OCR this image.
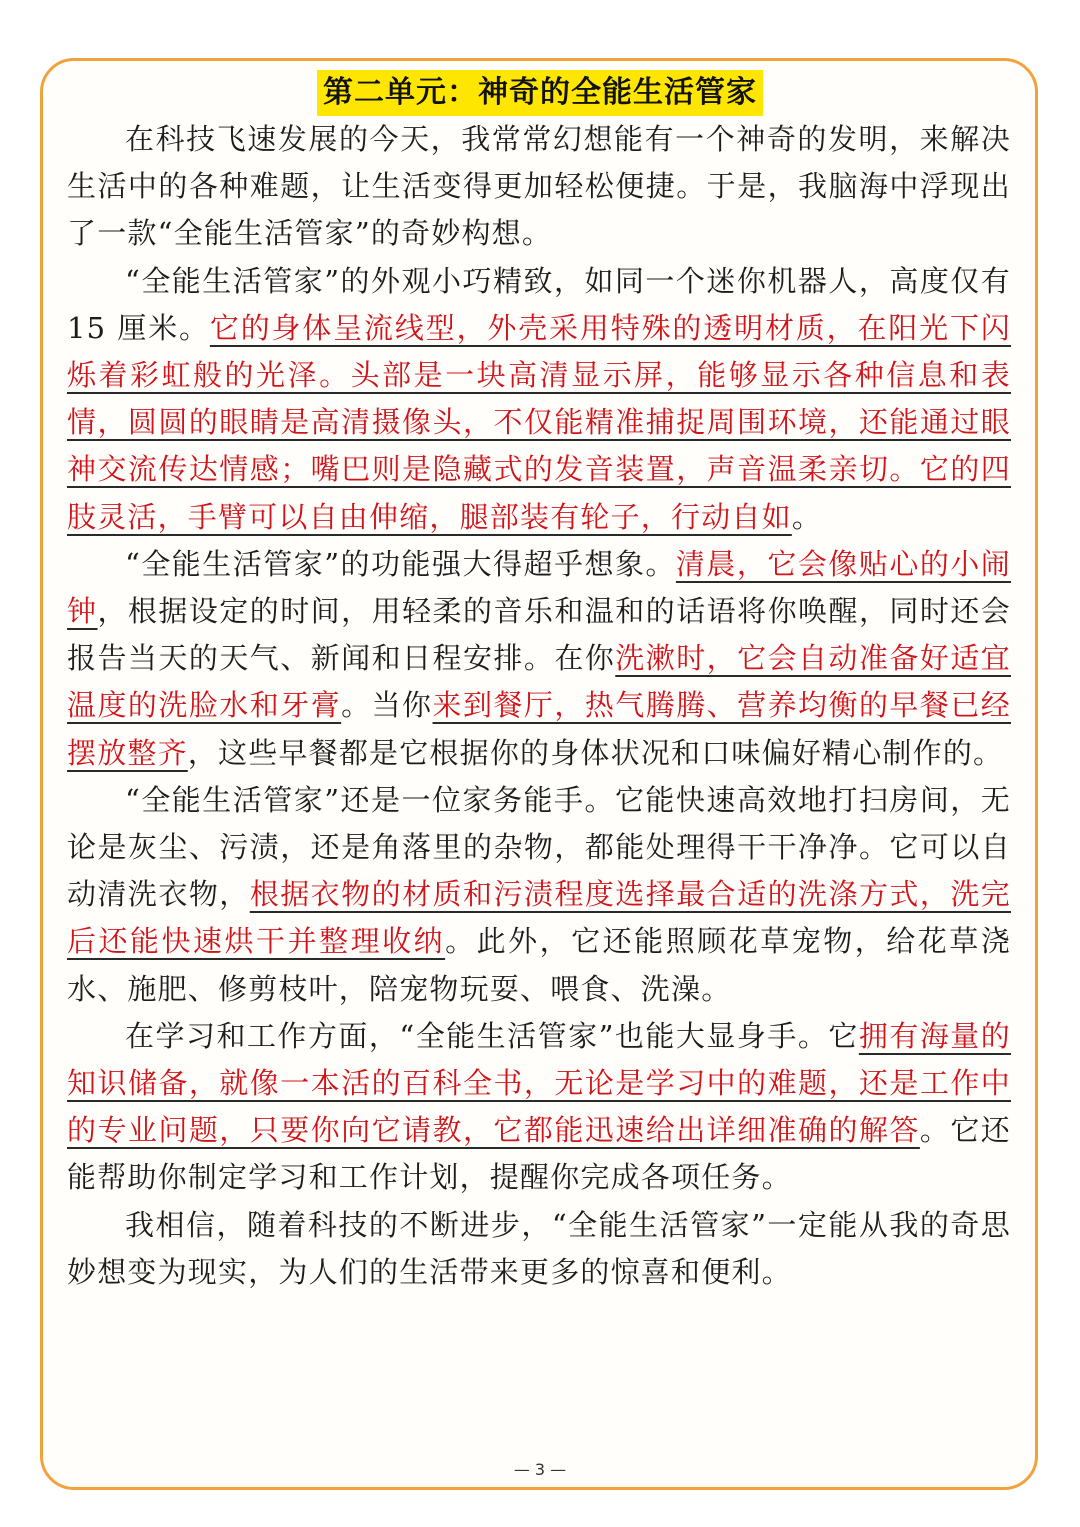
第二单元：神奇的全能生活管家

在科技飞速发展的今天，我常常幻想能有一个神奇的发明，来解决生活中的各种难题，让生活变得更加轻松便捷。于是，我脑海中浮现出了一款“全能生活管家”的奇妙构想。

“全能生活管家”的外观小巧精致，如同一个迷你机器人，高度仅有 15 厘米。它的身体呈流线型，外壳采用特殊的透明材质，在阳光下闪烁着彩虹般的光泽。头部是一块高清显示屏，能够显示各种信息和表情，圆圆的眼睛是高清摄像头，不仅能精准捕捉周围环境，还能通过眼神交流传达情感；嘴巴则是隐藏式的发音装置，声音温柔亲切。它的四肢灵活，手臂可以自由伸缩，腿部装有轮子，行动自如。

“全能生活管家”的功能强大得超乎想象。清晨，它会像贴心的小闹钟，根据设定的时间，用轻柔的音乐和温和的话语将你唤醒，同时还会报告当天的天气、新闻和日程安排。在你洗漱时，它会自动准备好适宜温度的洗脸水和牙膏。当你来到餐厅，热气腾腾、营养均衡的早餐已经摆放整齐，这些早餐都是它根据你的身体状况和口味偏好精心制作的。

“全能生活管家”还是一位家务能手。它能快速高效地打扫房间，无论是灰尘、污渍，还是角落里的杂物，都能处理得干干净净。它可以自动清洗衣物，根据衣物的材质和污渍程度选择最合适的洗涤方式，洗完后还能快速烘干并整理收纳。此外，它还能照顾花草宠物，给花草浇水、施肥、修剪枝叶，陪宠物玩耍、喂食、洗澡。

在学习和工作方面，“全能生活管家”也能大显身手。它拥有海量的知识储备，就像一本活的百科全书，无论是学习中的难题，还是工作中的专业问题，只要你向它请教，它都能迅速给出详细准确的解答。它还能帮助你制定学习和工作计划，提醒你完成各项任务。

我相信，随着科技的不断进步，“全能生活管家”一定能从我的奇思妙想变为现实，为人们的生活带来更多的惊喜和便利。

— 3 —
